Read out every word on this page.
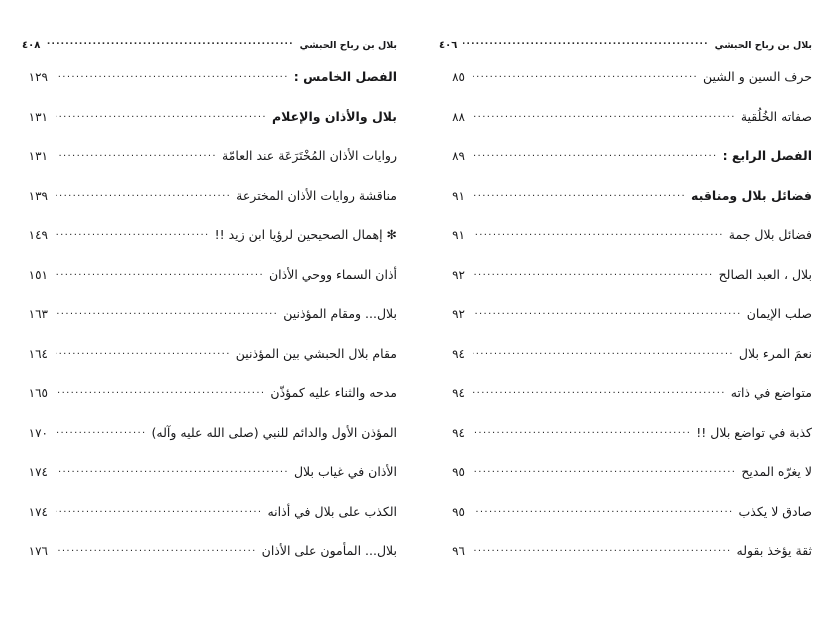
بلال بن رباح الحبشي
.....
٤٠٦
حرف السين و الشين
.....
٨٥
صفاته الخُلُقية
.....
٨٨
الفصل الرابع :
.....
٨٩
فضائل بلال ومناقبه
.....
٩١
فضائل بلال جمة
.....
٩١
بلال ، العبد الصالح
.....
٩٢
صلب الإيمان
.....
٩٢
نعمَ المرء بلال
.....
٩٤
متواضع في ذاته
.....
٩٤
كذبة في تواضع بلال !!
.....
٩٤
لا يغرّه المديح
.....
٩٥
صادق لا يكذب
.....
٩٥
ثقة يؤخذ بقوله
.....
٩٦
بلال بن رباح الحبشي
.....
٤٠٨
الفصل الخامس :
.....
١٢٩
بلال والأذان والإعلام
.....
١٣١
روايات الأذان المُخْتَرَعَة عند العامّة
.....
١٣١
مناقشة روايات الأذان المخترعة
.....
١٣٩
✻ إهمال الصحيحين لرؤيا ابن زيد !!
.....
١٤٩
أذان السماء ووحي الأذان
.....
١٥١
بلال... ومقام المؤذنين
.....
١٦٣
مقام بلال الحبشي بين المؤذنين
.....
١٦٤
مدحه والثناء عليه كمؤذّن
.....
١٦٥
المؤذن الأول والدائم للنبي (صلى الله عليه وآله)
.....
١٧٠
الأذان في غياب بلال
.....
١٧٤
الكذب على بلال في أذانه
.....
١٧٤
بلال... المأمون على الأذان
.....
١٧٦
